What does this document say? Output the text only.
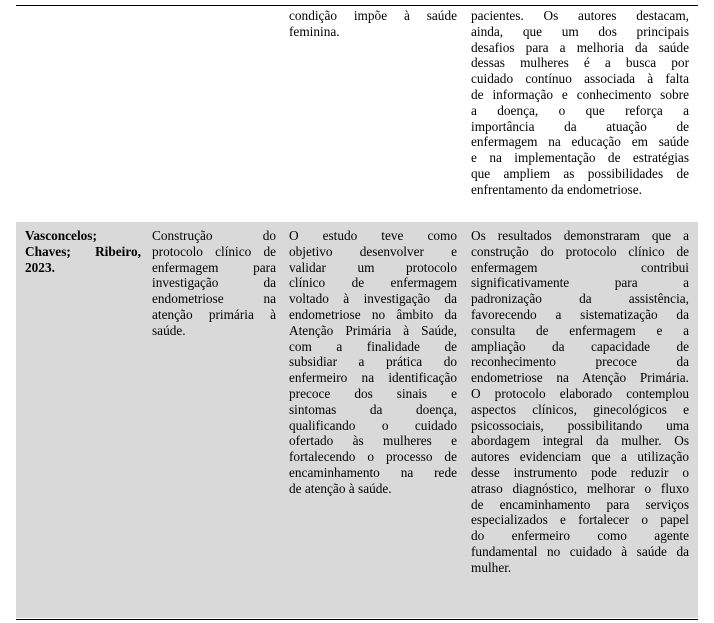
condição impõe à saúde
feminina.
pacientes. Os autores destacam,
ainda, que um dos principais
desafios para a melhoria da saúde
dessas mulheres é a busca por
cuidado contínuo associada à falta
de informação e conhecimento sobre
a doença, o que reforça a
importância da atuação de
enfermagem na educação em saúde
e na implementação de estratégias
que ampliem as possibilidades de
enfrentamento da endometriose.
Vasconcelos;
Chaves; Ribeiro,
2023.
Construção do
protocolo clínico de
enfermagem para
investigação da
endometriose na
atenção primária à
saúde.
O estudo teve como
objetivo desenvolver e
validar um protocolo
clínico de enfermagem
voltado à investigação da
endometriose no âmbito da
Atenção Primária à Saúde,
com a finalidade de
subsidiar a prática do
enfermeiro na identificação
precoce dos sinais e
sintomas da doença,
qualificando o cuidado
ofertado às mulheres e
fortalecendo o processo de
encaminhamento na rede
de atenção à saúde.
Os resultados demonstraram que a
construção do protocolo clínico de
enfermagem contribui
significativamente para a
padronização da assistência,
favorecendo a sistematização da
consulta de enfermagem e a
ampliação da capacidade de
reconhecimento precoce da
endometriose na Atenção Primária.
O protocolo elaborado contemplou
aspectos clínicos, ginecológicos e
psicossociais, possibilitando uma
abordagem integral da mulher. Os
autores evidenciam que a utilização
desse instrumento pode reduzir o
atraso diagnóstico, melhorar o fluxo
de encaminhamento para serviços
especializados e fortalecer o papel
do enfermeiro como agente
fundamental no cuidado à saúde da
mulher.
